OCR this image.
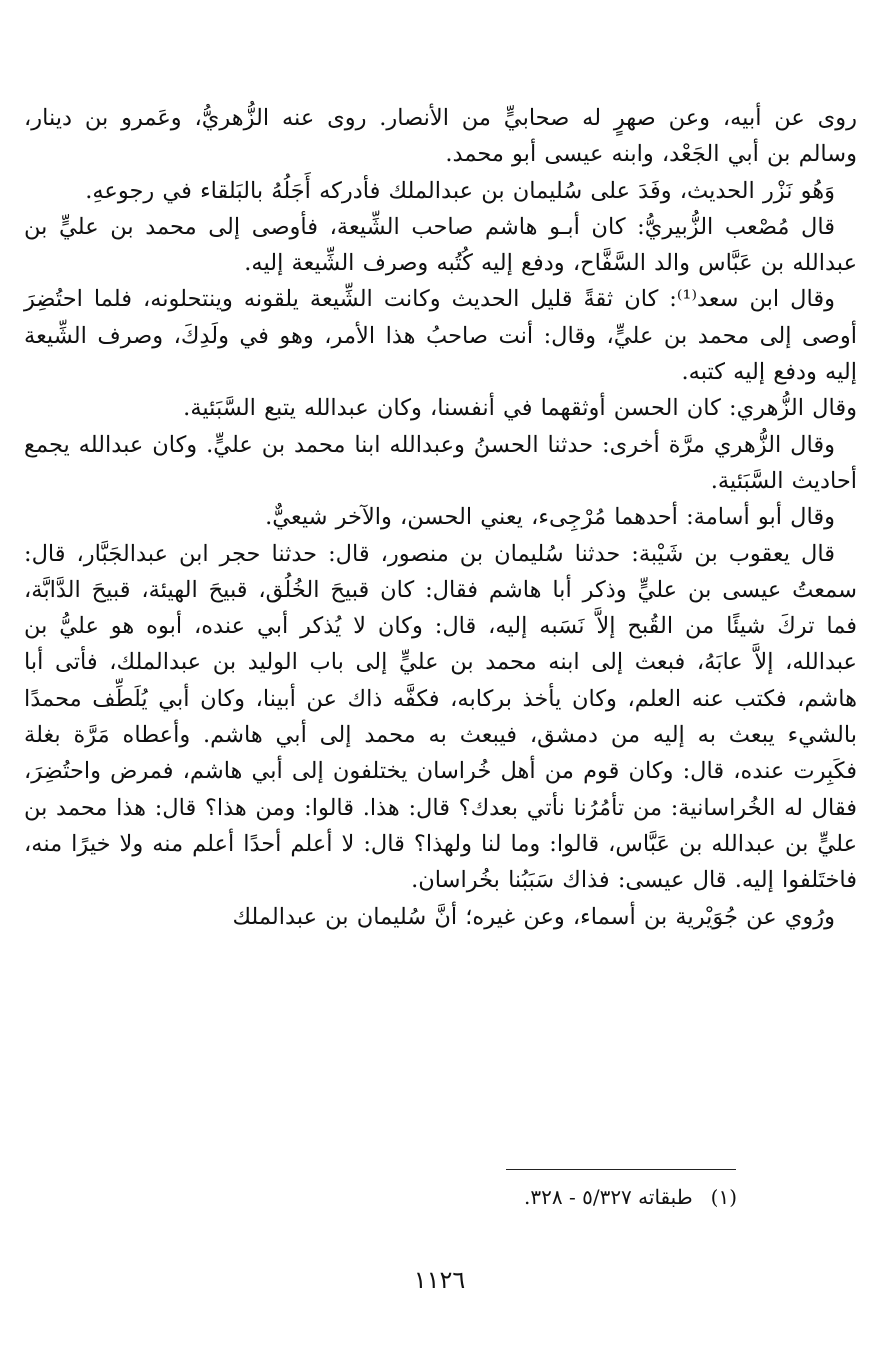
روى عن أبيه، وعن صهرٍ له صحابيٍّ من الأنصار. روى عنه الزُّهريُّ، وعَمرو بن دينار، وسالم بن أبي الجَعْد، وابنه عيسى أبو محمد.

وَهُو نَزْر الحديث، وفَدَ على سُليمان بن عبدالملك فأدركه أَجَلُهُ بالبَلقاء في رجوعهِ.

قال مُصْعب الزُّبيريُّ: كان أبـو هاشم صاحب الشِّيعة، فأوصى إلى محمد بن عليٍّ بن عبدالله بن عَبَّاس والد السَّفَّاح، ودفع إليه كُتُبه وصرف الشِّيعة إليه.

وقال ابن سعد⁽¹⁾: كان ثقةً قليل الحديث وكانت الشِّيعة يلقونه وينتحلونه، فلما احتُضِرَ أوصى إلى محمد بن عليٍّ، وقال: أنت صاحبُ هذا الأمر، وهو في ولَدِكَ، وصرف الشِّيعة إليه ودفع إليه كتبه.

وقال الزُّهري: كان الحسن أوثقهما في أنفسنا، وكان عبدالله يتبع السَّبَئية.

وقال الزُّهري مرَّة أخرى: حدثنا الحسنُ وعبدالله ابنا محمد بن عليٍّ. وكان عبدالله يجمع أحاديث السَّبَئية.

وقال أبو أسامة: أحدهما مُرْجِىء، يعني الحسن، والآخر شيعيٌّ.

قال يعقوب بن شَيْبة: حدثنا سُليمان بن منصور، قال: حدثنا حجر ابن عبدالجَبَّار، قال: سمعتُ عيسى بن عليٍّ وذكر أبا هاشم فقال: كان قبيحَ الخُلُق، قبيحَ الهيئة، قبيحَ الدَّابَّة، فما تركَ شيئًا من القُبح إلاَّ نَسَبه إليه، قال: وكان لا يُذكر أبي عنده، أبوه هو عليُّ بن عبدالله، إلاَّ عابَهُ، فبعث إلى ابنه محمد بن عليٍّ إلى باب الوليد بن عبدالملك، فأتى أبا هاشم، فكتب عنه العلم، وكان يأخذ بركابه، فكفَّه ذاك عن أبينا، وكان أبي يُلَطِّف محمدًا بالشيء يبعث به إليه من دمشق، فيبعث به محمد إلى أبي هاشم. وأعطاه مَرَّة بغلة فكَبِرت عنده، قال: وكان قوم من أهل خُراسان يختلفون إلى أبي هاشم، فمرض واحتُضِرَ، فقال له الخُراسانية: من تأمُرُنا نأتي بعدك؟ قال: هذا. قالوا: ومن هذا؟ قال: هذا محمد بن عليٍّ بن عبدالله بن عَبَّاس، قالوا: وما لنا ولهذا؟ قال: لا أعلم أحدًا أعلم منه ولا خيرًا منه، فاختَلفوا إليه. قال عيسى: فذاك سَبَبُنا بخُراسان.

ورُوي عن جُوَيْرية بن أسماء، وعن غيره؛ أنَّ سُليمان بن عبدالملك

(١)طبقاته ٥/٣٢٧ - ٣٢٨.
١١٢٦
